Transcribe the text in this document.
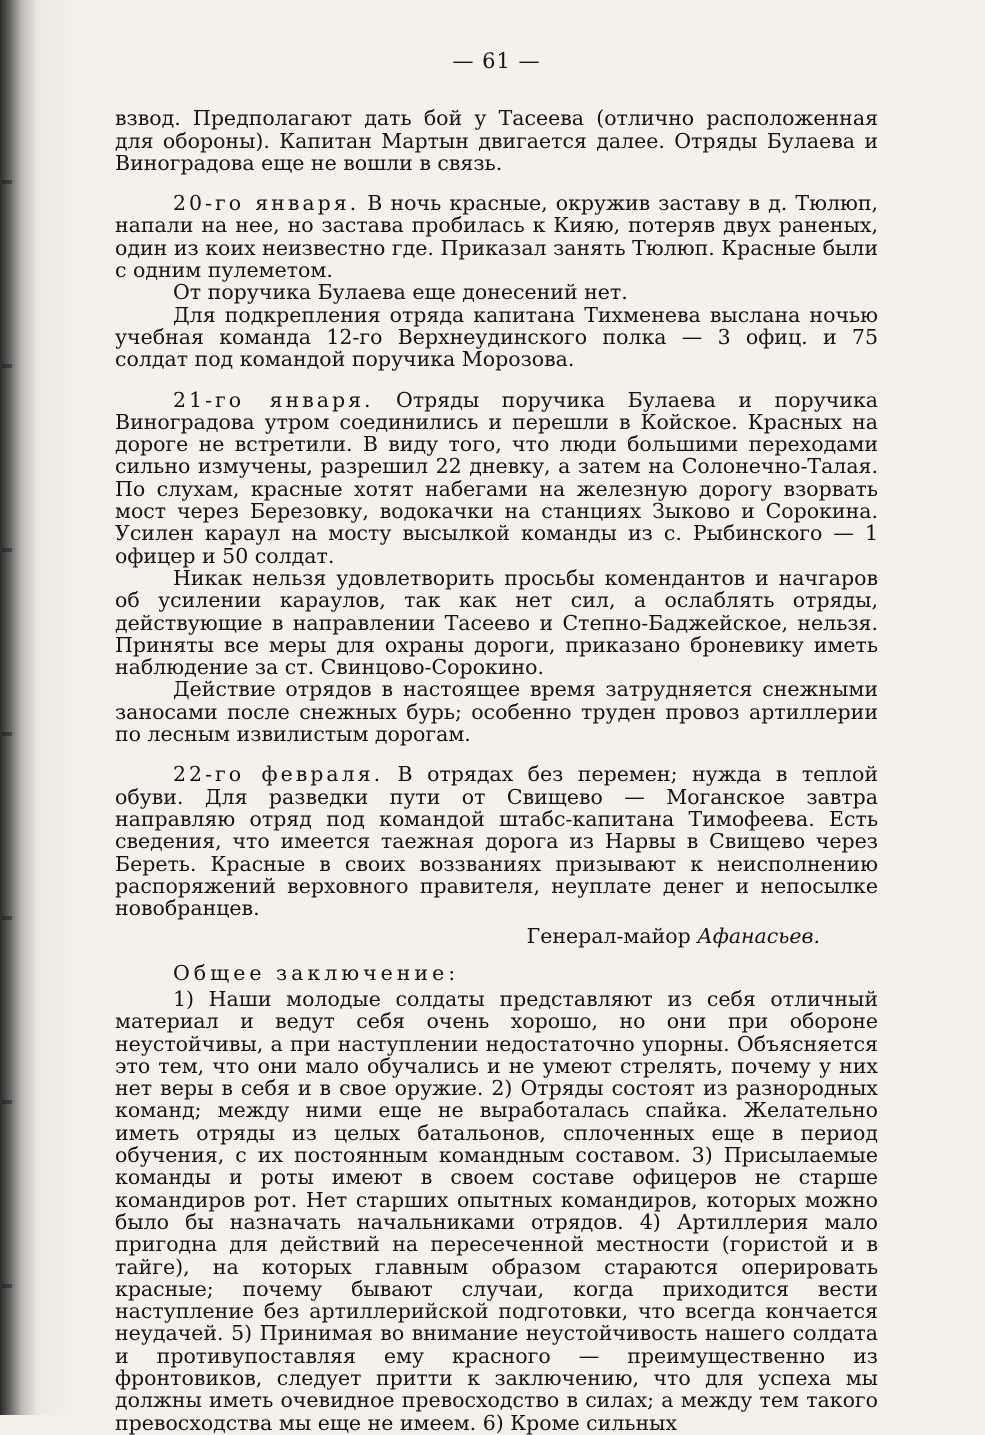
— 61 —

взвод. Предполагают дать бой у Тасеева (отлично расположенная для обороны). Капитан Мартын двигается далее. Отряды Булаева и Виноградова еще не вошли в связь.

20-го января. В ночь красные, окружив заставу в д. Тюлюп, напали на нее, но застава пробилась к Кияю, потеряв двух раненых, один из коих неизвестно где. Приказал занять Тюлюп. Красные были с одним пулеметом.

От поручика Булаева еще донесений нет.

Для подкрепления отряда капитана Тихменева выслана ночью учебная команда 12-го Верхнеудинского полка — 3 офиц. и 75 солдат под командой поручика Морозова.

21-го января. Отряды поручика Булаева и поручика Виноградова утром соединились и перешли в Койское. Красных на дороге не встретили. В виду того, что люди большими переходами сильно измучены, разрешил 22 дневку, а затем на Солонечно-Талая. По слухам, красные хотят набегами на железную дорогу взорвать мост через Березовку, водокачки на станциях Зыково и Сорокина. Усилен караул на мосту высылкой команды из с. Рыбинского — 1 офицер и 50 солдат.

Никак нельзя удовлетворить просьбы комендантов и начгаров об усилении караулов, так как нет сил, а ослаблять отряды, действующие в направлении Тасеево и Степно-Баджейское, нельзя. Приняты все меры для охраны дороги, приказано броневику иметь наблюдение за ст. Свинцово-Сорокино.

Действие отрядов в настоящее время затрудняется снежными заносами после снежных бурь; особенно труден провоз артиллерии по лесным извилистым дорогам.

22-го февраля. В отрядах без перемен; нужда в теплой обуви. Для разведки пути от Свищево — Моганское завтра направляю отряд под командой штабс-капитана Тимофеева. Есть сведения, что имеется таежная дорога из Нарвы в Свищево через Береть. Красные в своих воззваниях призывают к неисполнению распоряжений верховного правителя, неуплате денег и непосылке новобранцев.

Генерал-майор Афанасьев.
Общее заключение:

1) Наши молодые солдаты представляют из себя отличный материал и ведут себя очень хорошо, но они при обороне неустойчивы, а при наступлении недостаточно упорны. Объясняется это тем, что они мало обучались и не умеют стрелять, почему у них нет веры в себя и в свое оружие. 2) Отряды состоят из разнородных команд; между ними еще не выработалась спайка. Желательно иметь отряды из целых батальонов, сплоченных еще в период обучения, с их постоянным командным составом. 3) Присылаемые команды и роты имеют в своем составе офицеров не старше командиров рот. Нет старших опытных командиров, которых можно было бы назначать начальниками отрядов. 4) Артиллерия мало пригодна для действий на пересеченной местности (гористой и в тайге), на которых главным образом стараются оперировать красные; почему бывают случаи, когда приходится вести наступление без артиллерийской подготовки, что всегда кончается неудачей. 5) Принимая во внимание неустойчивость нашего солдата и противупоставляя ему красного — преимущественно из фронтовиков, следует притти к заключению, что для успеха мы должны иметь очевидное превосходство в силах; а между тем такого превосходства мы еще не имеем. 6) Кроме сильных
